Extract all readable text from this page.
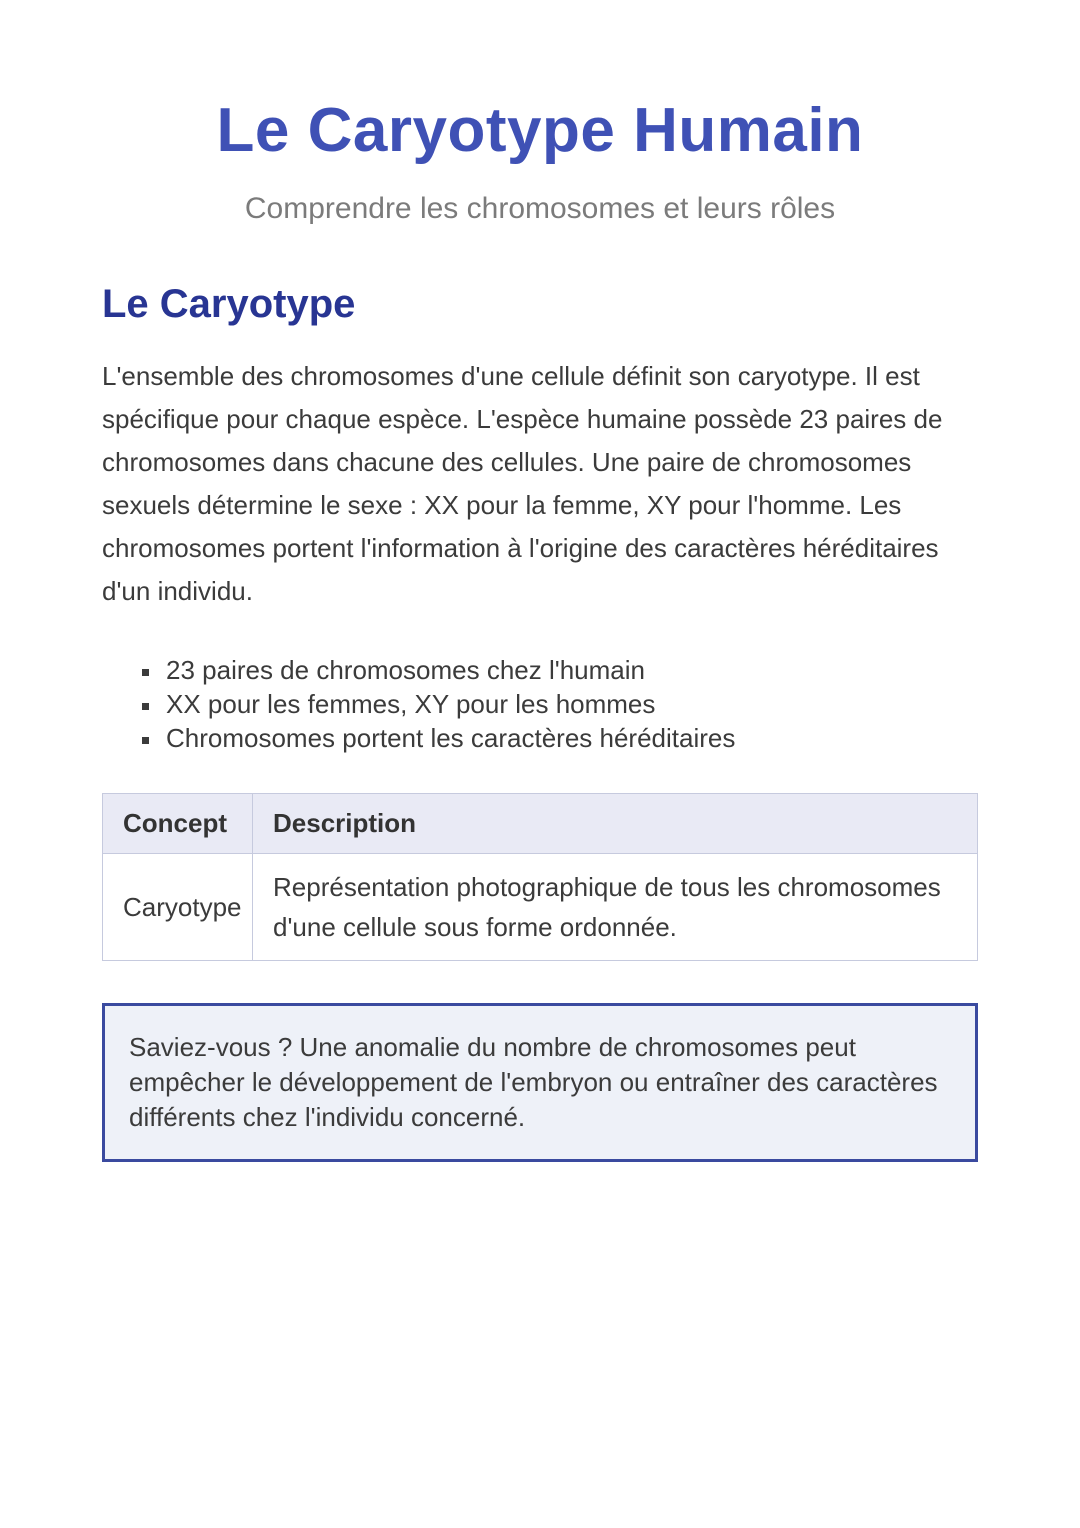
Le Caryotype Humain

Comprendre les chromosomes et leurs rôles

Le Caryotype

L'ensemble des chromosomes d'une cellule définit son caryotype. Il est spécifique pour chaque espèce. L'espèce humaine possède 23 paires de chromosomes dans chacune des cellules. Une paire de chromosomes sexuels détermine le sexe : XX pour la femme, XY pour l'homme. Les chromosomes portent l'information à l'origine des caractères héréditaires d'un individu.

▪ 23 paires de chromosomes chez l'humain
▪ XX pour les femmes, XY pour les hommes
▪ Chromosomes portent les caractères héréditaires
Concept	Description
Caryotype	Représentation photographique de tous les chromosomes d'une cellule sous forme ordonnée.

Saviez-vous ? Une anomalie du nombre de chromosomes peut empêcher le développement de l'embryon ou entraîner des caractères différents chez l'individu concerné.
